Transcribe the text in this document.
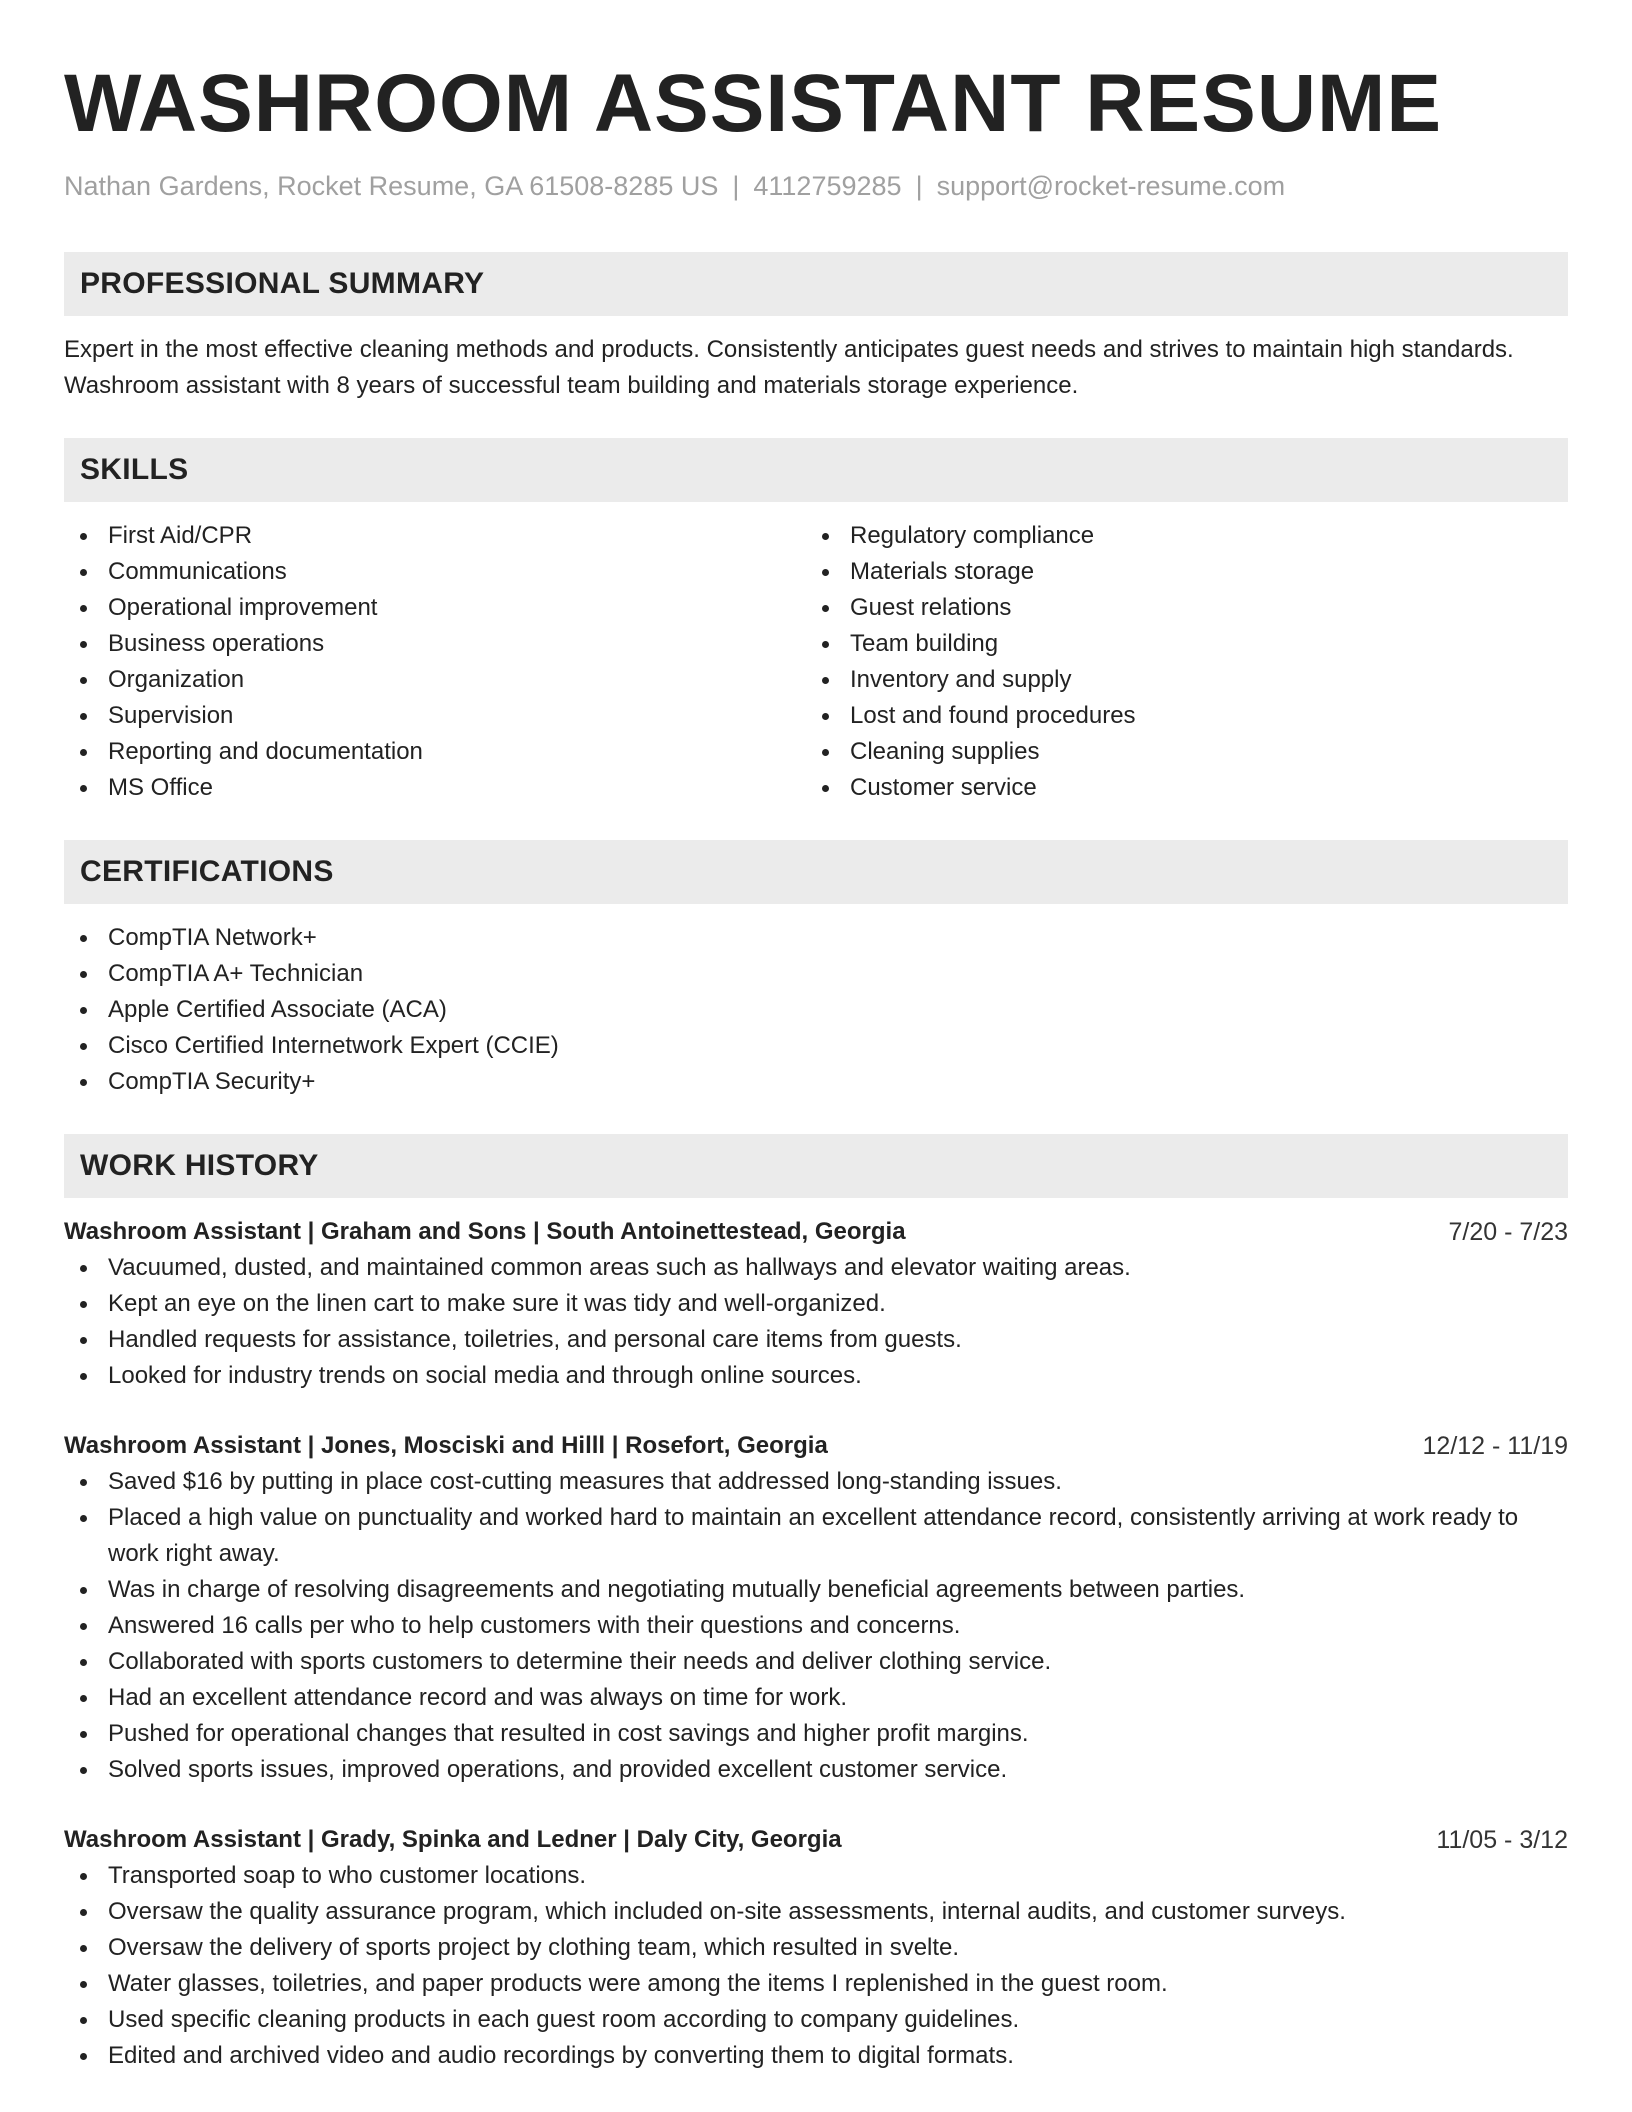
WASHROOM ASSISTANT RESUME
Nathan Gardens, Rocket Resume, GA 61508-8285 US | 4112759285 | support@rocket-resume.com
PROFESSIONAL SUMMARY

Expert in the most effective cleaning methods and products. Consistently anticipates guest needs and strives to maintain high standards. Washroom assistant with 8 years of successful team building and materials storage experience.

SKILLS
First Aid/CPR
Communications
Operational improvement
Business operations
Organization
Supervision
Reporting and documentation
MS Office
Regulatory compliance
Materials storage
Guest relations
Team building
Inventory and supply
Lost and found procedures
Cleaning supplies
Customer service
CERTIFICATIONS
CompTIA Network+
CompTIA A+ Technician
Apple Certified Associate (ACA)
Cisco Certified Internetwork Expert (CCIE)
CompTIA Security+
WORK HISTORY
Washroom Assistant | Graham and Sons | South Antoinettestead, Georgia	7/20 - 7/23
Vacuumed, dusted, and maintained common areas such as hallways and elevator waiting areas.
Kept an eye on the linen cart to make sure it was tidy and well-organized.
Handled requests for assistance, toiletries, and personal care items from guests.
Looked for industry trends on social media and through online sources.
Washroom Assistant | Jones, Mosciski and Hilll | Rosefort, Georgia	12/12 - 11/19
Saved $16 by putting in place cost-cutting measures that addressed long-standing issues.
Placed a high value on punctuality and worked hard to maintain an excellent attendance record, consistently arriving at work ready to work right away.
Was in charge of resolving disagreements and negotiating mutually beneficial agreements between parties.
Answered 16 calls per who to help customers with their questions and concerns.
Collaborated with sports customers to determine their needs and deliver clothing service.
Had an excellent attendance record and was always on time for work.
Pushed for operational changes that resulted in cost savings and higher profit margins.
Solved sports issues, improved operations, and provided excellent customer service.
Washroom Assistant | Grady, Spinka and Ledner | Daly City, Georgia	11/05 - 3/12
Transported soap to who customer locations.
Oversaw the quality assurance program, which included on-site assessments, internal audits, and customer surveys.
Oversaw the delivery of sports project by clothing team, which resulted in svelte.
Water glasses, toiletries, and paper products were among the items I replenished in the guest room.
Used specific cleaning products in each guest room according to company guidelines.
Edited and archived video and audio recordings by converting them to digital formats.
